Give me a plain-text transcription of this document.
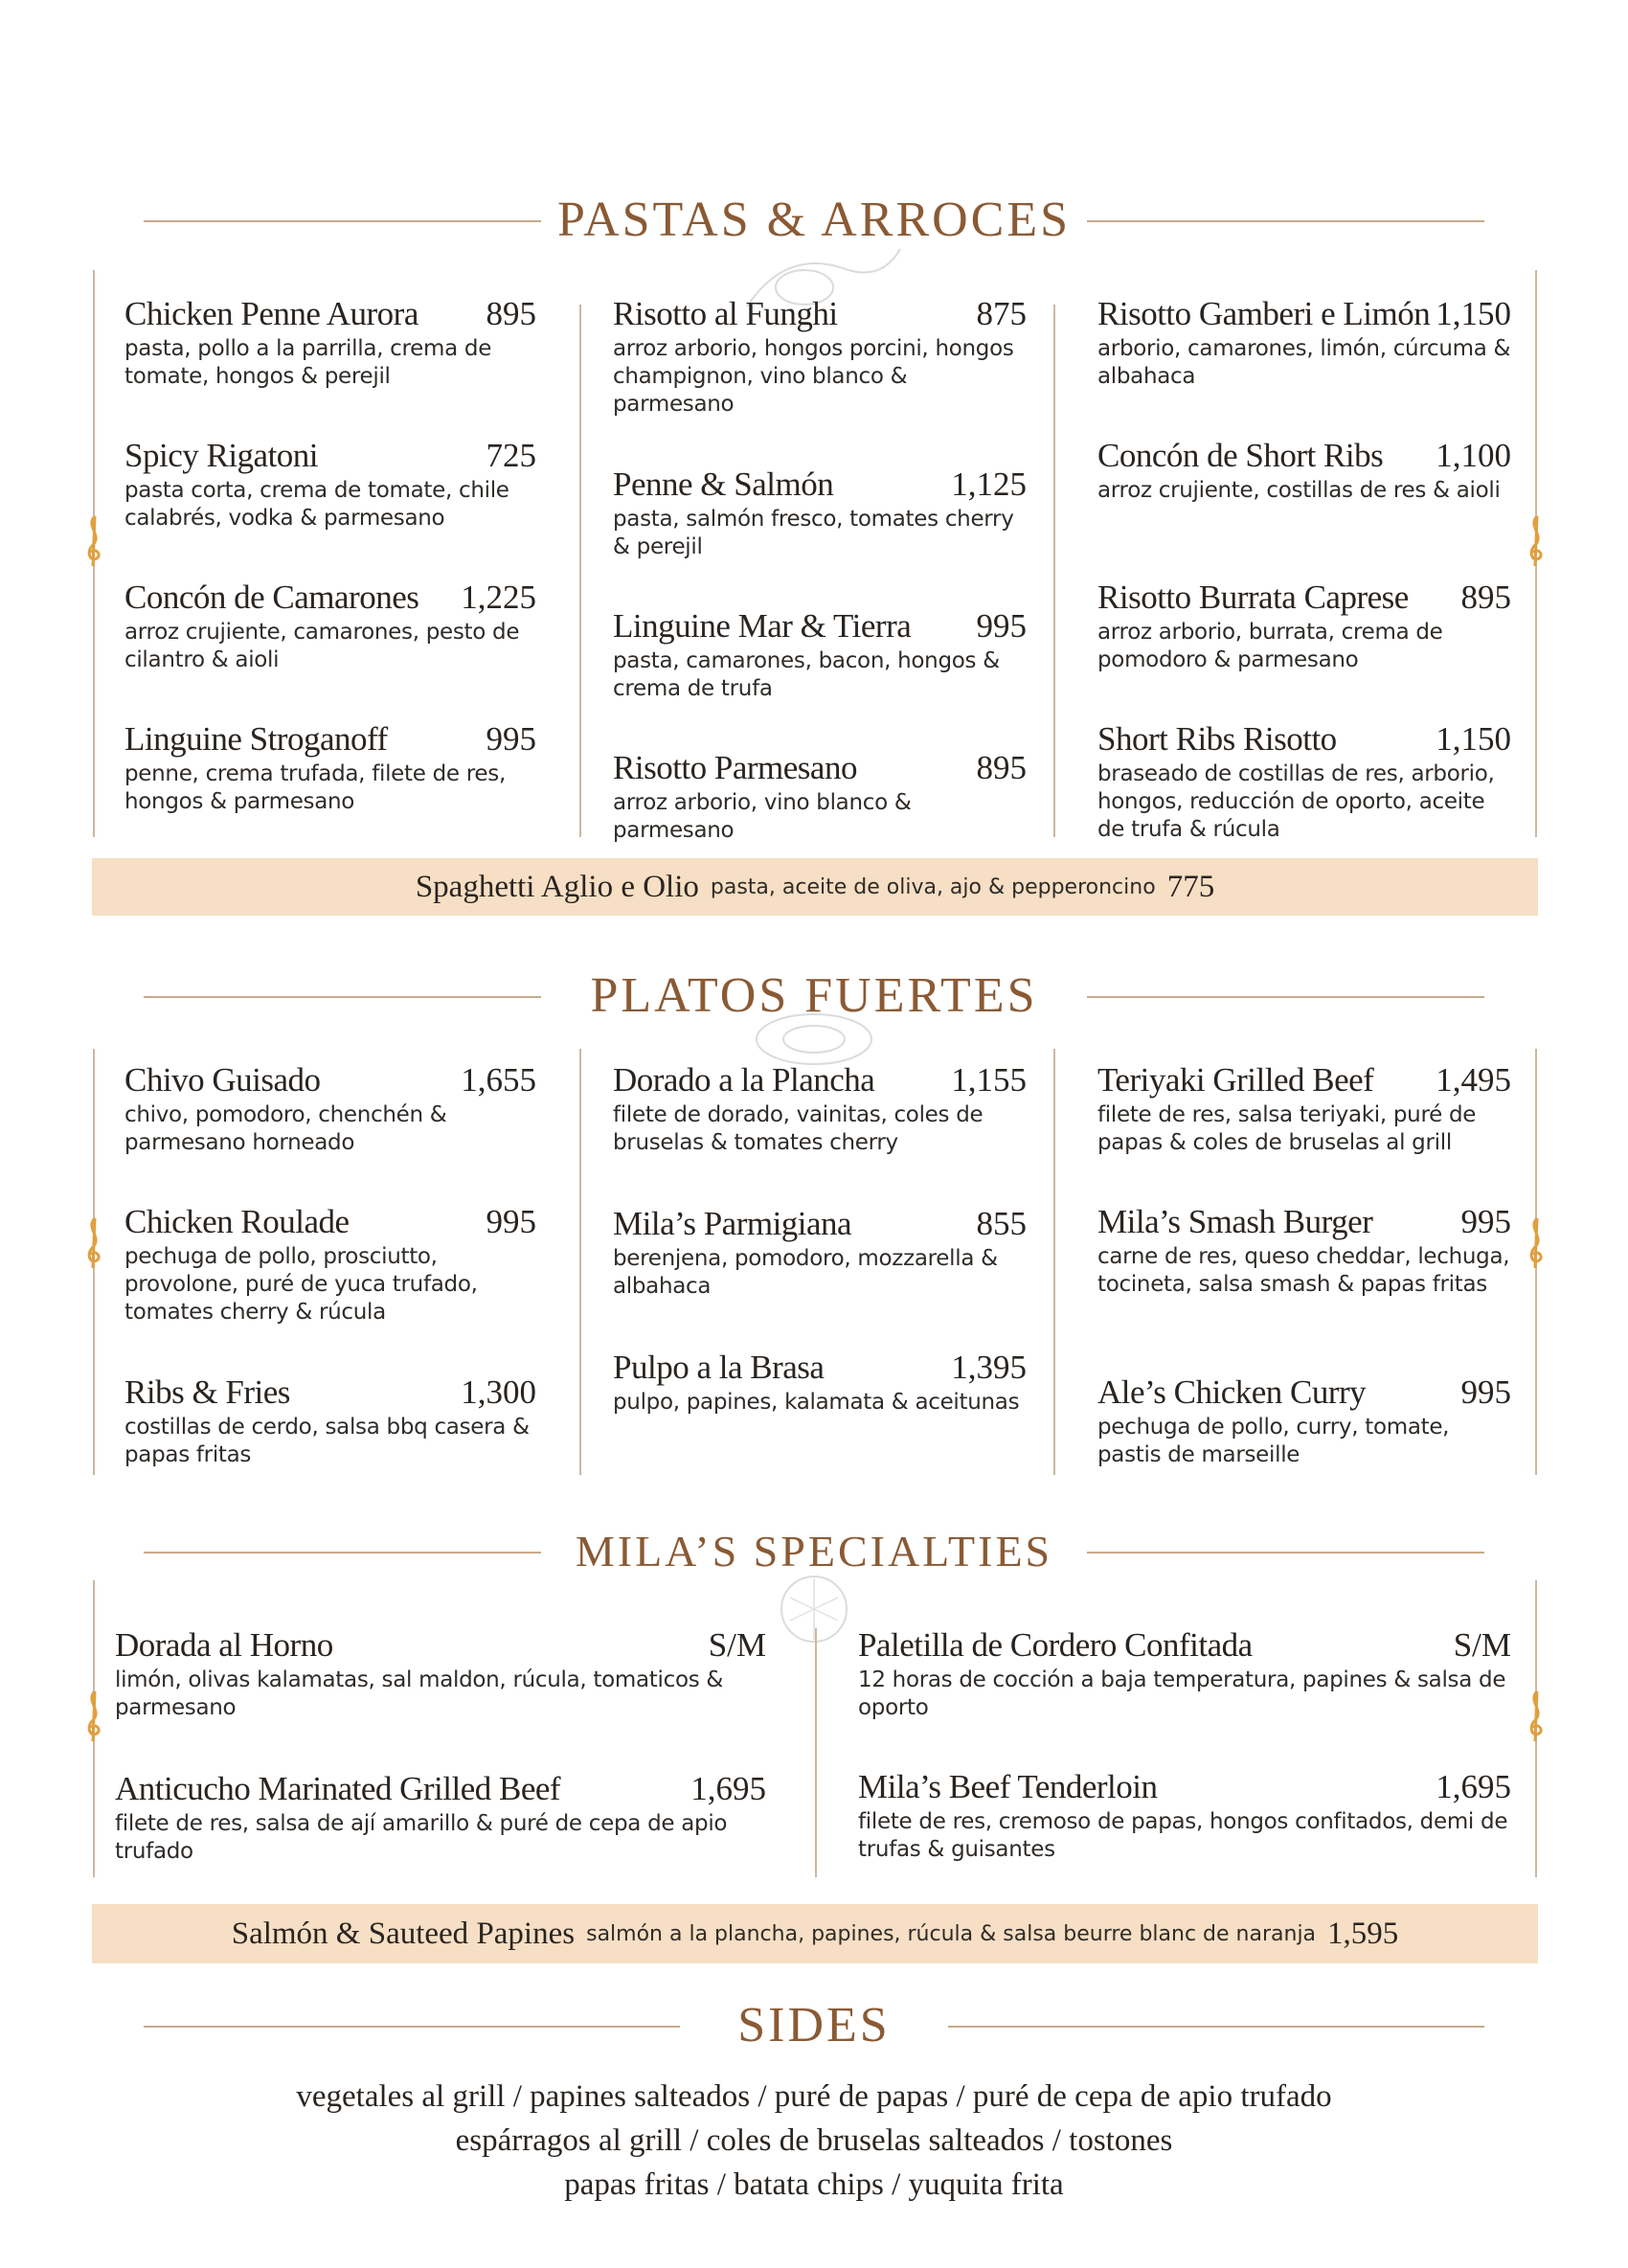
PASTAS & ARROCES
Chicken Penne Aurora 895
pasta, pollo a la parrilla, crema de tomate, hongos & perejil
Spicy Rigatoni	725
pasta corta, crema de tomate, chile calabrés, vodka & parmesano
Concón de Camarones 1,225
arroz crujiente, camarones, pesto de cilantro & aioli
Linguine Stroganoff	995
penne, crema trufada, filete de res, hongos & parmesano
Risotto al Funghi	875
arroz arborio, hongos porcini, hongos champignon, vino blanco & parmesano
Penne & Salmón	1,125
pasta, salmón fresco, tomates cherry & perejil
Linguine Mar & Tierra 995
pasta, camarones, bacon, hongos & crema de trufa
Risotto Parmesano	895
arroz arborio, vino blanco & parmesano
Risotto Gamberi e Limón 1,150
arborio, camarones, limón, cúrcuma & albahaca
Concón de Short Ribs 1,100
arroz crujiente, costillas de res & aioli
Risotto Burrata Caprese 895
arroz arborio, burrata, crema de pomodoro & parmesano
Short Ribs Risotto	1,150
braseado de costillas de res, arborio, hongos, reducción de oporto, aceite de trufa & rúcula
Spaghetti Aglio e Olio pasta, aceite de oliva, ajo & pepperoncino 775
PLATOS FUERTES
Chivo Guisado	1,655
chivo, pomodoro, chenchén & parmesano horneado
Chicken Roulade	995
pechuga de pollo, prosciutto, provolone, puré de yuca trufado, tomates cherry & rúcula
Ribs & Fries	1,300
costillas de cerdo, salsa bbq casera & papas fritas
Dorado a la Plancha 1,155
filete de dorado, vainitas, coles de bruselas & tomates cherry
Mila’s Parmigiana	855
berenjena, pomodoro, mozzarella & albahaca
Pulpo a la Brasa	1,395
pulpo, papines, kalamata & aceitunas
Teriyaki Grilled Beef 1,495
filete de res, salsa teriyaki, puré de papas & coles de bruselas al grill
Mila’s Smash Burger	995
carne de res, queso cheddar, lechuga, tocineta, salsa smash & papas fritas
Ale’s Chicken Curry	995
pechuga de pollo, curry, tomate, pastis de marseille
MILA’S SPECIALTIES
Dorada al Horno	S/M
limón, olivas kalamatas, sal maldon, rúcula, tomaticos & parmesano
Anticucho Marinated Grilled Beef	1,695
filete de res, salsa de ají amarillo & puré de cepa de apio trufado
Paletilla de Cordero Confitada	S/M
12 horas de cocción a baja temperatura, papines & salsa de oporto
Mila’s Beef Tenderloin	1,695
filete de res, cremoso de papas, hongos confitados, demi de trufas & guisantes
Salmón & Sauteed Papines salmón a la plancha, papines, rúcula & salsa beurre blanc de naranja 1,595
SIDES
vegetales al grill / papines salteados / puré de papas / puré de cepa de apio trufado
espárragos al grill / coles de bruselas salteados / tostones
papas fritas / batata chips / yuquita frita
